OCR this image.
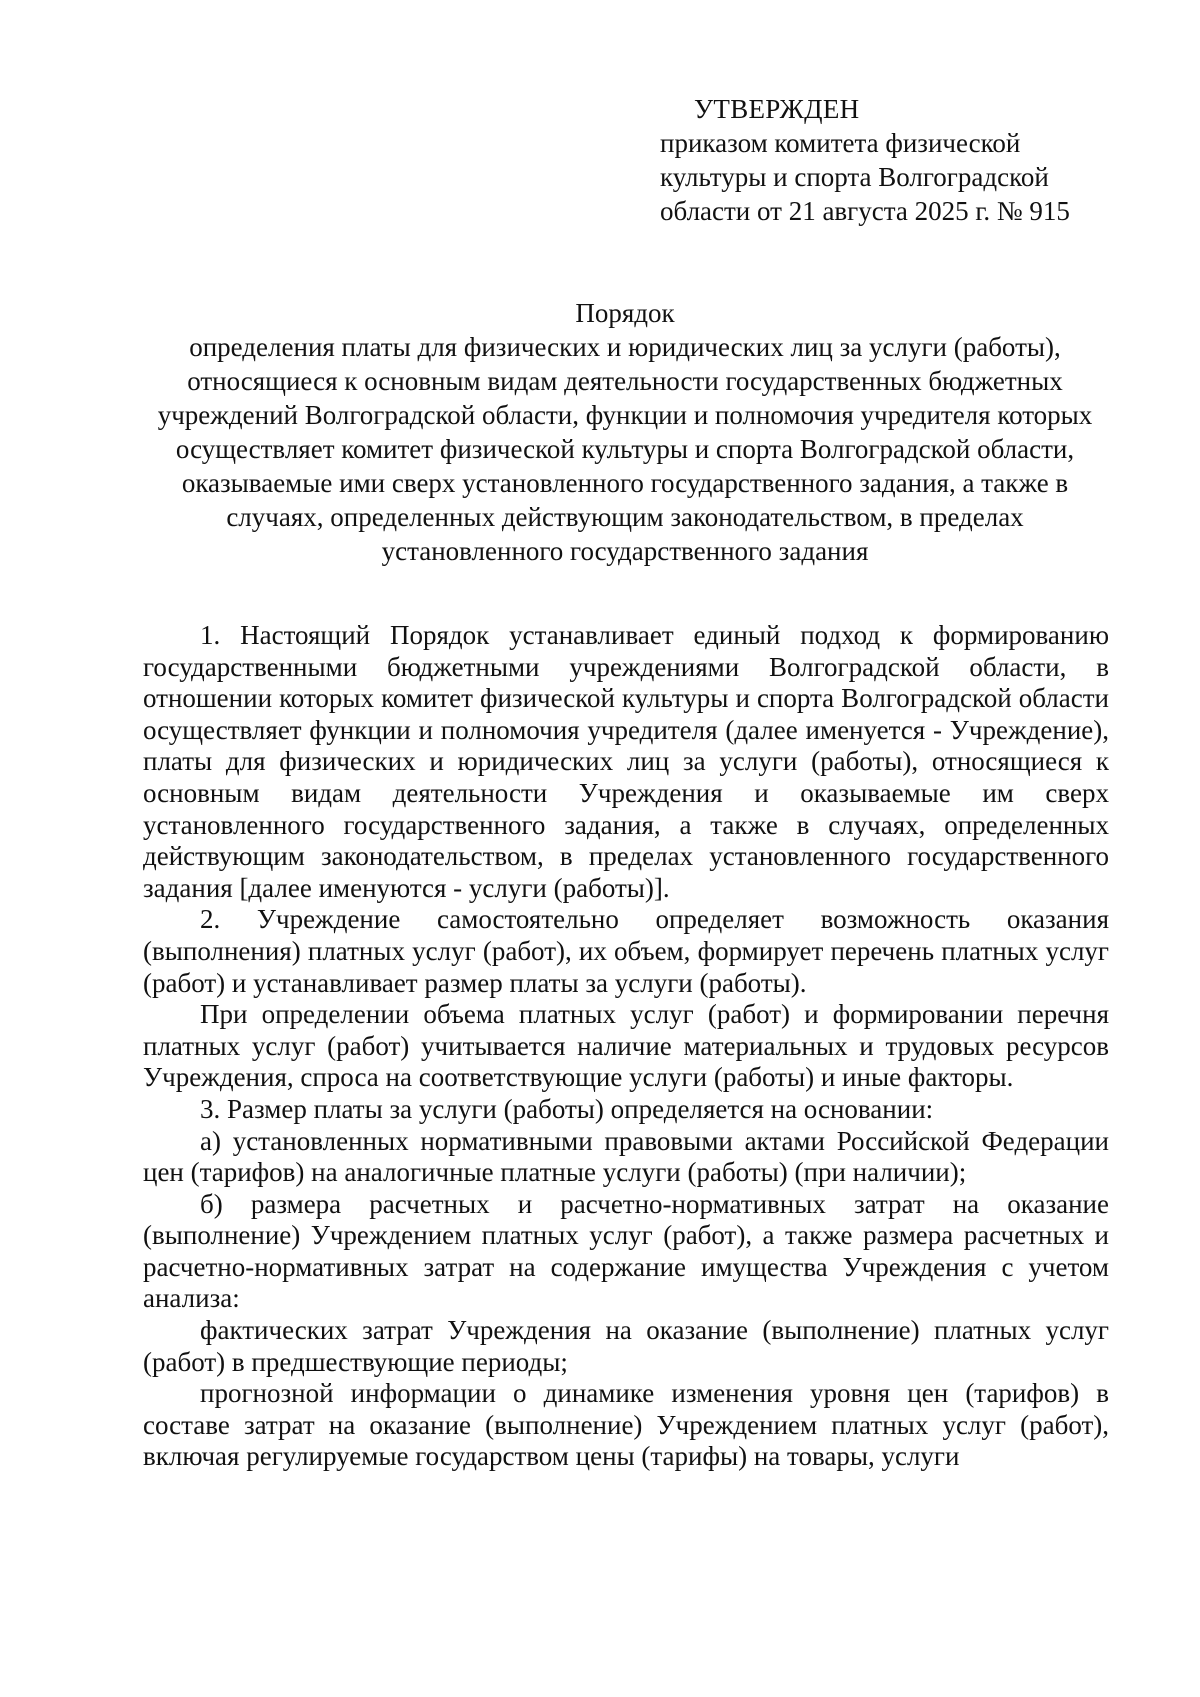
УТВЕРЖДЕН
приказом комитета физической культуры и спорта Волгоградской области от 21 августа 2025 г. № 915
Порядок
определения платы для физических и юридических лиц за услуги (работы), относящиеся к основным видам деятельности государственных бюджетных учреждений Волгоградской области, функции и полномочия учредителя которых осуществляет комитет физической культуры и спорта Волгоградской области, оказываемые ими сверх установленного государственного задания, а также в случаях, определенных действующим законодательством, в пределах установленного государственного задания

1. Настоящий Порядок устанавливает единый подход к формированию государственными бюджетными учреждениями Волгоградской области, в отношении которых комитет физической культуры и спорта Волгоградской области осуществляет функции и полномочия учредителя (далее именуется - Учреждение), платы для физических и юридических лиц за услуги (работы), относящиеся к основным видам деятельности Учреждения и оказываемые им сверх установленного государственного задания, а также в случаях, определенных действующим законодательством, в пределах установленного государственного задания [далее именуются - услуги (работы)].

2. Учреждение самостоятельно определяет возможность оказания (выполнения) платных услуг (работ), их объем, формирует перечень платных услуг (работ) и устанавливает размер платы за услуги (работы).

При определении объема платных услуг (работ) и формировании перечня платных услуг (работ) учитывается наличие материальных и трудовых ресурсов Учреждения, спроса на соответствующие услуги (работы) и иные факторы.

3. Размер платы за услуги (работы) определяется на основании:

а) установленных нормативными правовыми актами Российской Федерации цен (тарифов) на аналогичные платные услуги (работы) (при наличии);

б) размера расчетных и расчетно-нормативных затрат на оказание (выполнение) Учреждением платных услуг (работ), а также размера расчетных и расчетно-нормативных затрат на содержание имущества Учреждения с учетом анализа:

фактических затрат Учреждения на оказание (выполнение) платных услуг (работ) в предшествующие периоды;

прогнозной информации о динамике изменения уровня цен (тарифов) в составе затрат на оказание (выполнение) Учреждением платных услуг (работ), включая регулируемые государством цены (тарифы) на товары, услуги
